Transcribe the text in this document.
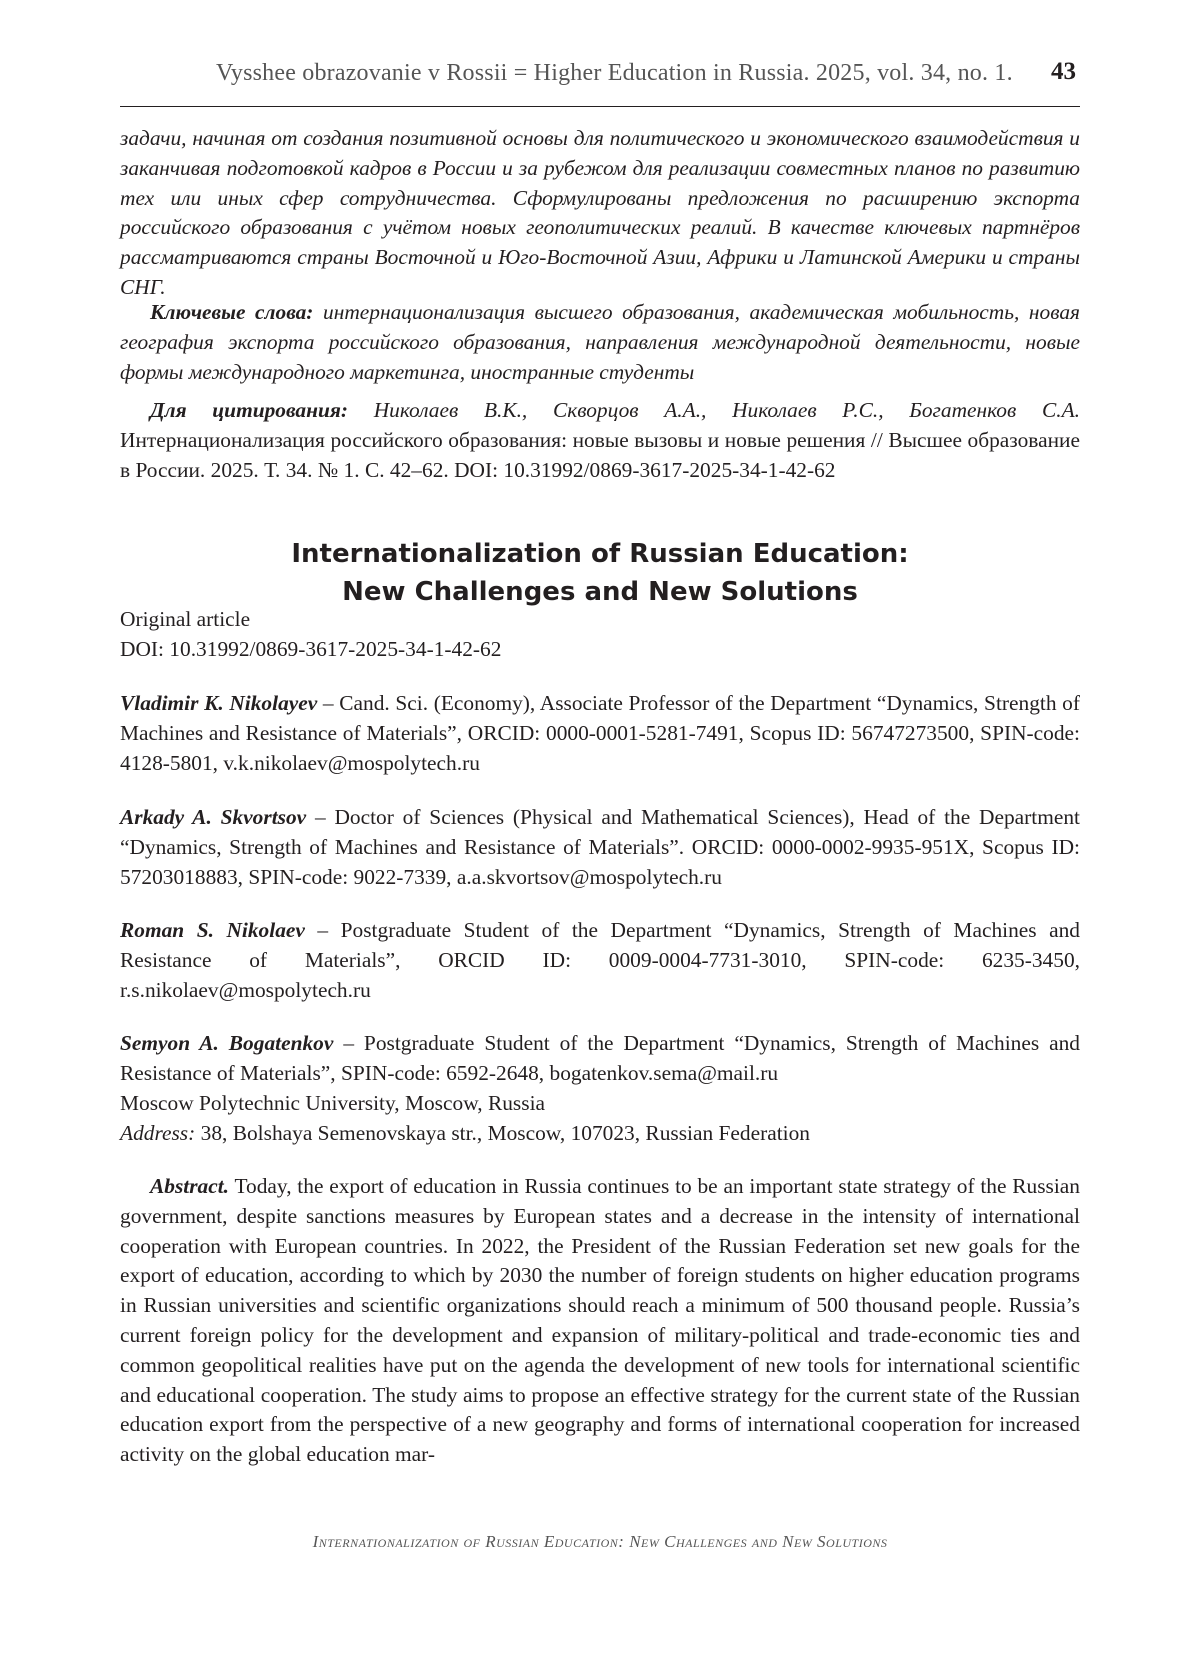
Vysshee obrazovanie v Rossii = Higher Education in Russia. 2025, vol. 34, no. 1. 43

задачи, начиная от создания позитивной основы для политического и экономического взаимодействия и заканчивая подготовкой кадров в России и за рубежом для реализации совместных планов по развитию тех или иных сфер сотрудничества. Сформулированы предложения по расширению экспорта российского образования с учётом новых геополитических реалий. В качестве ключевых партнёров рассматриваются страны Восточной и Юго-Восточной Азии, Африки и Латинской Америки и страны СНГ.

Ключевые слова: интернационализация высшего образования, академическая мобильность, новая география экспорта российского образования, направления международной деятельности, новые формы международного маркетинга, иностранные студенты

Для цитирования: Николаев В.К., Скворцов А.А., Николаев Р.С., Богатенков С.А. Интернационализация российского образования: новые вызовы и новые решения // Высшее образование в России. 2025. Т. 34. № 1. С. 42–62. DOI: 10.31992/0869-3617-2025-34-1-42-62

Internationalization of Russian Education:
New Challenges and New Solutions
Original article
DOI: 10.31992/0869-3617-2025-34-1-42-62

Vladimir K. Nikolayev – Cand. Sci. (Economy), Associate Professor of the Department “Dynamics, Strength of Machines and Resistance of Materials”, ORCID: 0000-0001-5281-7491, Scopus ID: 56747273500, SPIN-code: 4128-5801, v.k.nikolaev@mospolytech.ru

Arkady A. Skvortsov – Doctor of Sciences (Physical and Mathematical Sciences), Head of the Department “Dynamics, Strength of Machines and Resistance of Materials”. ORCID: 0000-0002-9935-951X, Scopus ID: 57203018883, SPIN-code: 9022-7339, a.a.skvortsov@mospolytech.ru

Roman S. Nikolaev – Postgraduate Student of the Department “Dynamics, Strength of Machines and Resistance of Materials”, ORCID ID: 0009-0004-7731-3010, SPIN-code: 6235-3450, r.s.nikolaev@mospolytech.ru

Semyon A. Bogatenkov – Postgraduate Student of the Department “Dynamics, Strength of Machines and Resistance of Materials”, SPIN-code: 6592-2648, bogatenkov.sema@mail.ru

Moscow Polytechnic University, Moscow, Russia
Address: 38, Bolshaya Semenovskaya str., Moscow, 107023, Russian Federation

Abstract. Today, the export of education in Russia continues to be an important state strategy of the Russian government, despite sanctions measures by European states and a decrease in the intensity of international cooperation with European countries. In 2022, the President of the Russian Federation set new goals for the export of education, according to which by 2030 the number of foreign students on higher education programs in Russian universities and scientific organizations should reach a minimum of 500 thousand people. Russia’s current foreign policy for the development and expansion of military-political and trade-economic ties and common geopolitical realities have put on the agenda the development of new tools for international scientific and educational cooperation. The study aims to propose an effective strategy for the current state of the Russian education export from the perspective of a new geography and forms of international cooperation for increased activity on the global education mar-

Internationalization of Russian Education: New Challenges and New Solutions
